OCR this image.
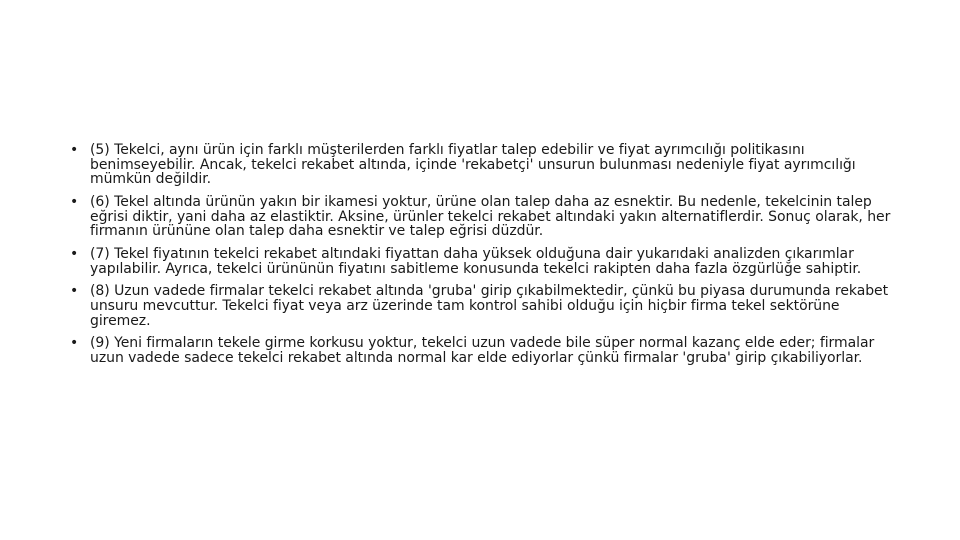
• (5) Tekelci, aynı ürün için farklı müşterilerden farklı fiyatlar talep edebilir ve fiyat ayrımcılığı politikasını benimseyebilir. Ancak, tekelci rekabet altında, içinde 'rekabetçi' unsurun bulunması nedeniyle fiyat ayrımcılığı mümkün değildir.
• (6) Tekel altında ürünün yakın bir ikamesi yoktur, ürüne olan talep daha az esnektir. Bu nedenle, tekelcinin talep eğrisi diktir, yani daha az elastiktir. Aksine, ürünler tekelci rekabet altındaki yakın alternatiflerdir. Sonuç olarak, her firmanın ürününe olan talep daha esnektir ve talep eğrisi düzdür.
• (7) Tekel fiyatının tekelci rekabet altındaki fiyattan daha yüksek olduğuna dair yukarıdaki analizden çıkarımlar yapılabilir. Ayrıca, tekelci ürününün fiyatını sabitleme konusunda tekelci rakipten daha fazla özgürlüğe sahiptir.
• (8) Uzun vadede firmalar tekelci rekabet altında 'gruba' girip çıkabilmektedir, çünkü bu piyasa durumunda rekabet unsuru mevcuttur. Tekelci fiyat veya arz üzerinde tam kontrol sahibi olduğu için hiçbir firma tekel sektörüne giremez.
• (9) Yeni firmaların tekele girme korkusu yoktur, tekelci uzun vadede bile süper normal kazanç elde eder; firmalar uzun vadede sadece tekelci rekabet altında normal kar elde ediyorlar çünkü firmalar 'gruba' girip çıkabiliyorlar.
